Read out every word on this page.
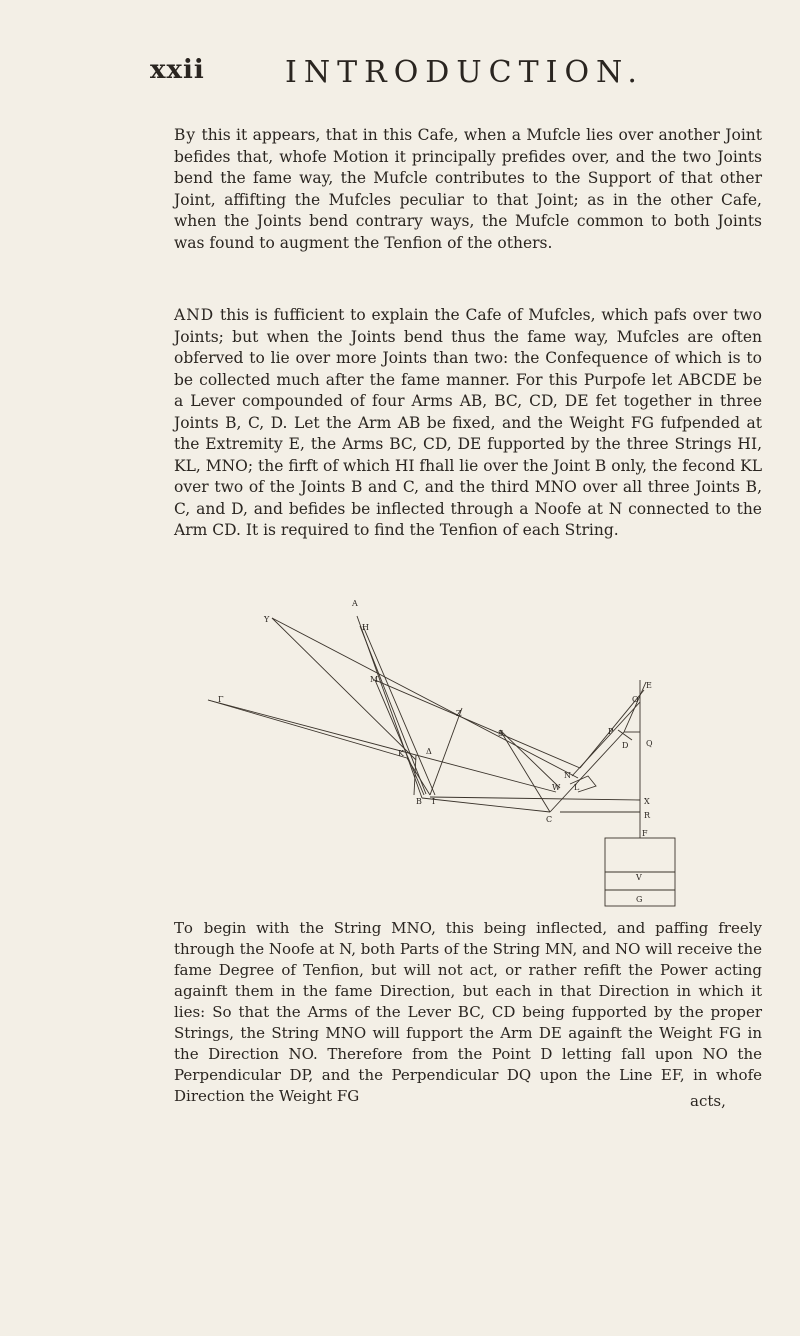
xxii	INTRODUCTION.

By this it appears, that in this Cafe, when a Mufcle lies over another Joint befides that, whofe Motion it principally prefides over, and the two Joints bend the fame way, the Mufcle contributes to the Support of that other Joint, affifting the Mufcles peculiar to that Joint; as in the other Cafe, when the Joints bend contrary ways, the Mufcle common to both Joints was found to augment the Tenfion of the others.

AND this is fufficient to explain the Cafe of Mufcles, which pafs over two Joints; but when the Joints bend thus the fame way, Mufcles are often obferved to lie over more Joints than two: the Confequence of which is to be collected much after the fame manner. For this Purpofe let ABCDE be a Lever compounded of four Arms AB, BC, CD, DE fet together in three Joints B, C, D. Let the Arm AB be fixed, and the Weight FG fufpended at the Extremity E, the Arms BC, CD, DE fupported by the three Strings HI, KL, MNO; the firft of which HI fhall lie over the Joint B only, the fecond KL over two of the Joints B and C, and the third MNO over all three Joints B, C, and D, and befides be inflected through a Noofe at N connected to the Arm CD. It is required to find the Tenfion of each String.

A
H
Y
Γ
M
Z
K	Δ
S
O
E
P
D Q
N
W L
B I
C
X
R
F
V
G

To begin with the String MNO, this being inflected, and paffing freely through the Noofe at N, both Parts of the String MN, and NO will receive the fame Degree of Tenfion, but will not act, or rather refift the Power acting againft them in the fame Direction, but each in that Direction in which it lies: So that the Arms of the Lever BC, CD being fupported by the proper Strings, the String MNO will fupport the Arm DE againft the Weight FG in the Direction NO. Therefore from the Point D letting fall upon NO the Perpendicular DP, and the Perpendicular DQ upon the Line EF, in whofe Direction the Weight FG	acts,
